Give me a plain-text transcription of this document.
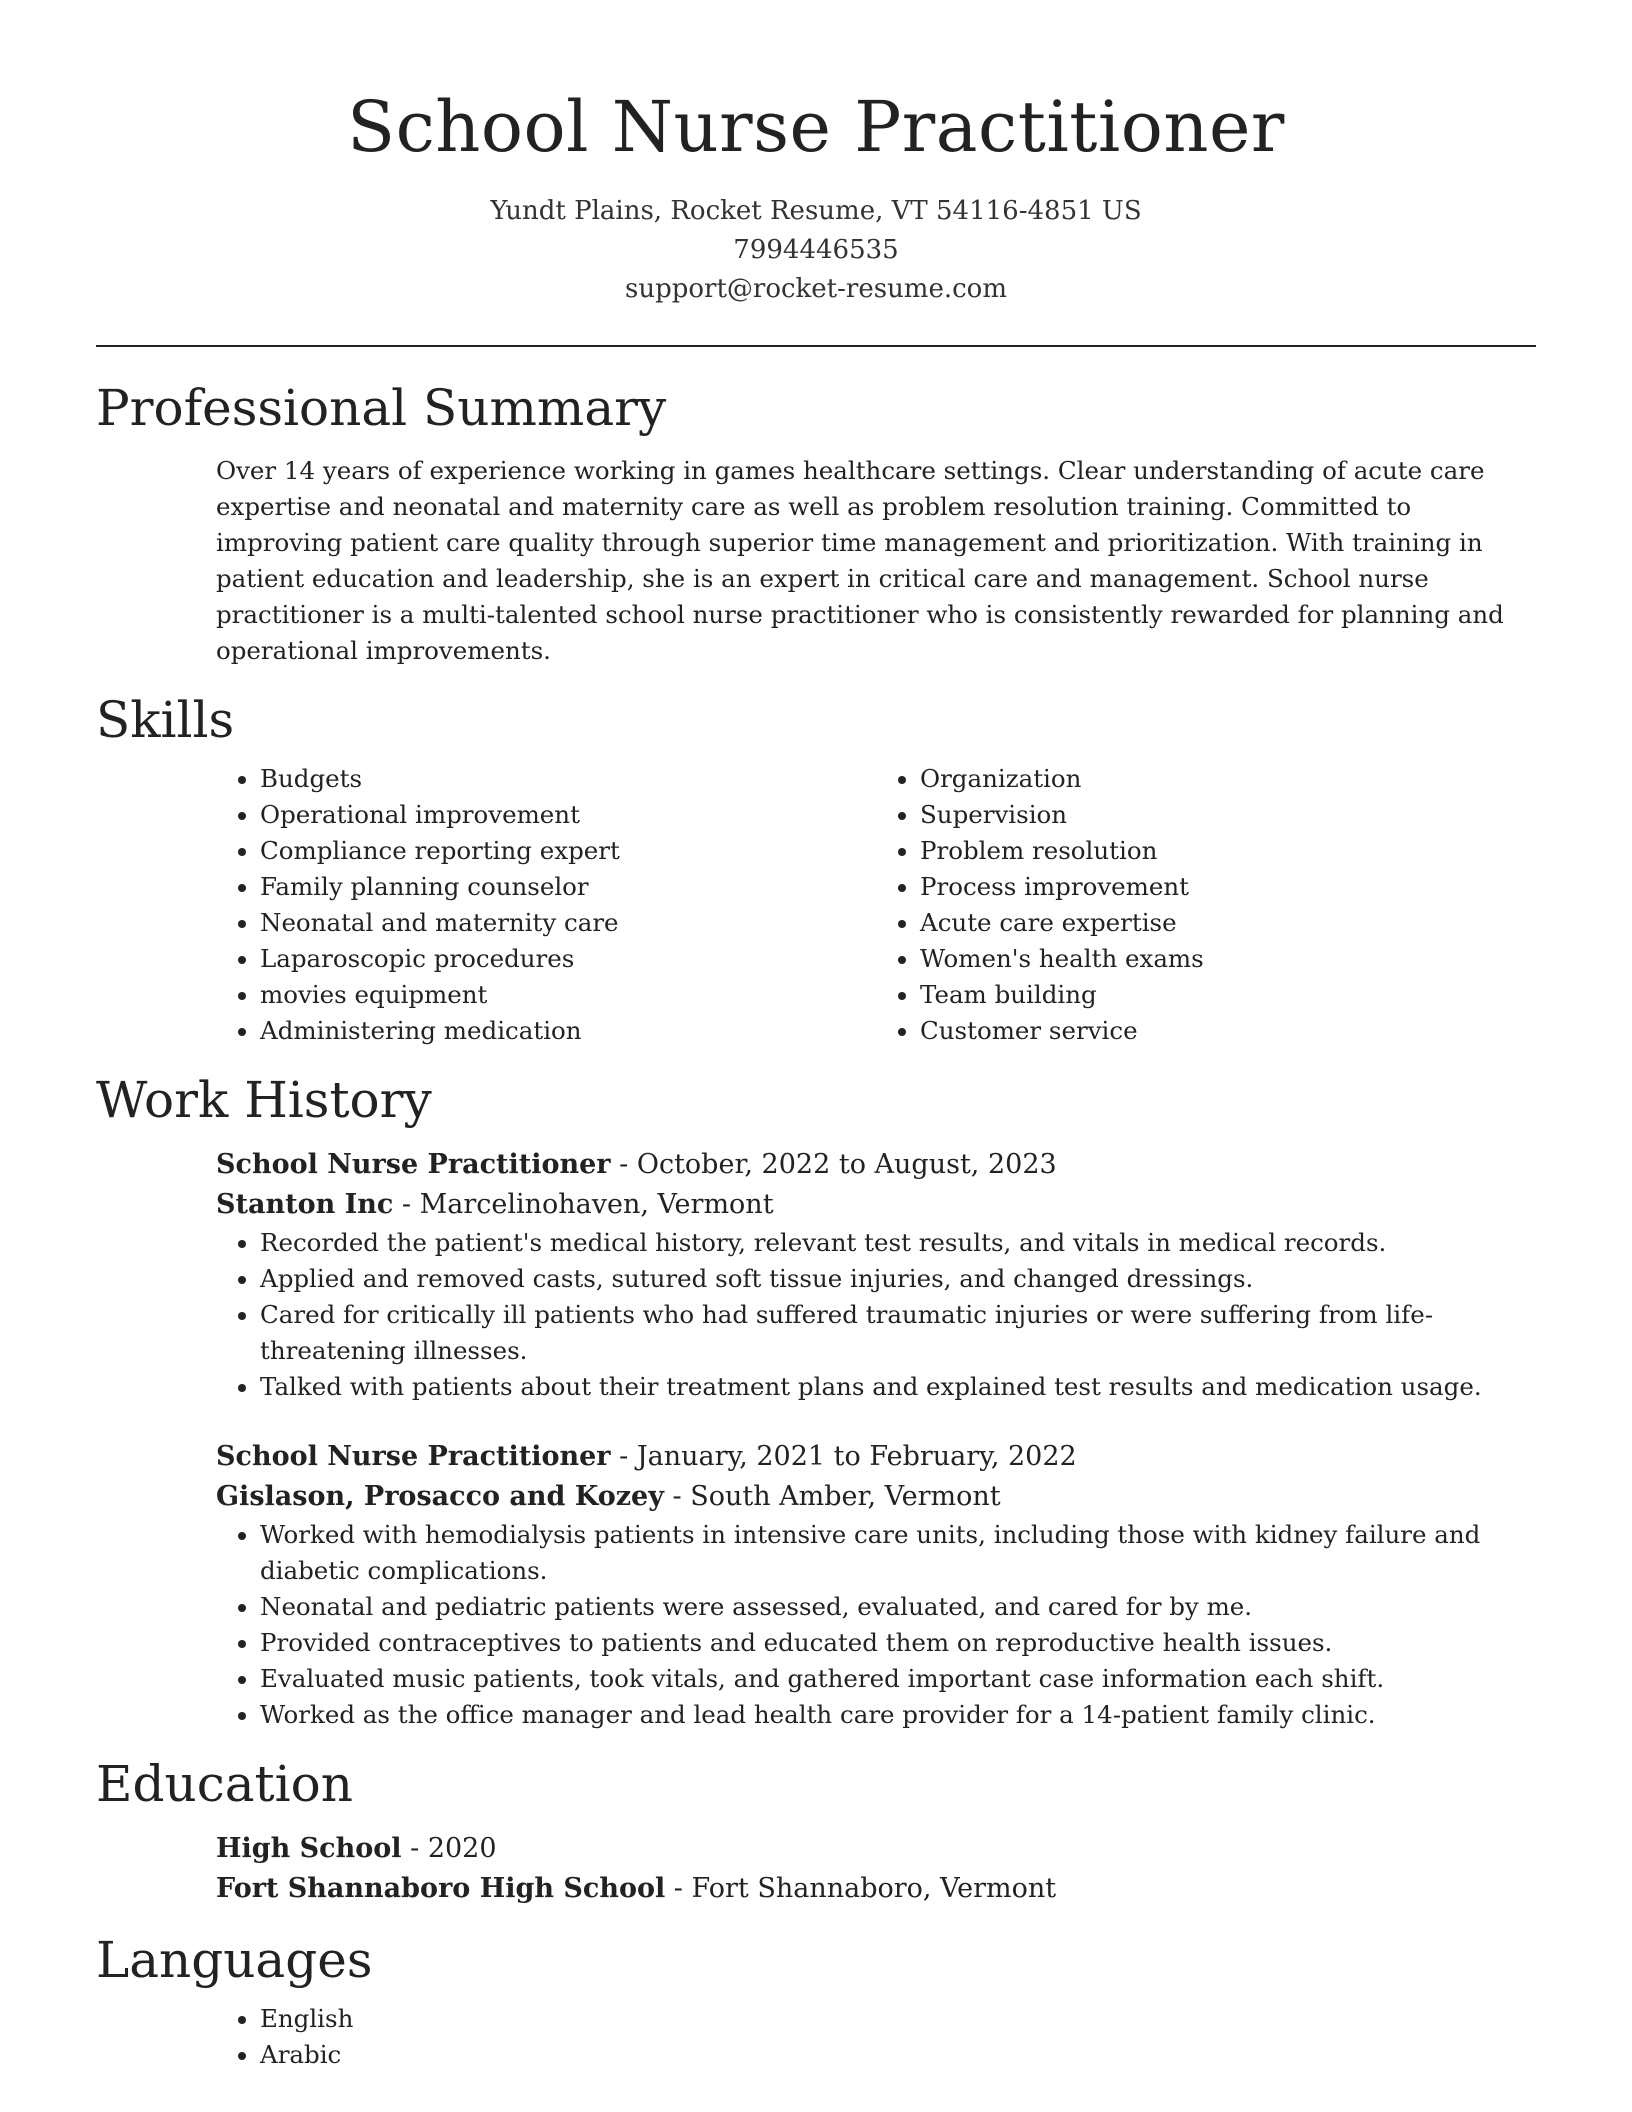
School Nurse Practitioner
Yundt Plains, Rocket Resume, VT 54116-4851 US
7994446535
support@rocket-resume.com
Professional Summary
Over 14 years of experience working in games healthcare settings. Clear understanding of acute care expertise and neonatal and maternity care as well as problem resolution training. Committed to improving patient care quality through superior time management and prioritization. With training in patient education and leadership, she is an expert in critical care and management. School nurse practitioner is a multi-talented school nurse practitioner who is consistently rewarded for planning and operational improvements.
Skills
• Budgets
• Operational improvement
• Compliance reporting expert
• Family planning counselor
• Neonatal and maternity care
• Laparoscopic procedures
• movies equipment
• Administering medication
• Organization
• Supervision
• Problem resolution
• Process improvement
• Acute care expertise
• Women's health exams
• Team building
• Customer service
Work History
School Nurse Practitioner - October, 2022 to August, 2023
Stanton Inc - Marcelinohaven, Vermont
• Recorded the patient's medical history, relevant test results, and vitals in medical records.
• Applied and removed casts, sutured soft tissue injuries, and changed dressings.
• Cared for critically ill patients who had suffered traumatic injuries or were suffering from life-threatening illnesses.
• Talked with patients about their treatment plans and explained test results and medication usage.
School Nurse Practitioner - January, 2021 to February, 2022
Gislason, Prosacco and Kozey - South Amber, Vermont
• Worked with hemodialysis patients in intensive care units, including those with kidney failure and diabetic complications.
• Neonatal and pediatric patients were assessed, evaluated, and cared for by me.
• Provided contraceptives to patients and educated them on reproductive health issues.
• Evaluated music patients, took vitals, and gathered important case information each shift.
• Worked as the office manager and lead health care provider for a 14-patient family clinic.
Education
High School - 2020
Fort Shannaboro High School - Fort Shannaboro, Vermont
Languages
• English
• Arabic
